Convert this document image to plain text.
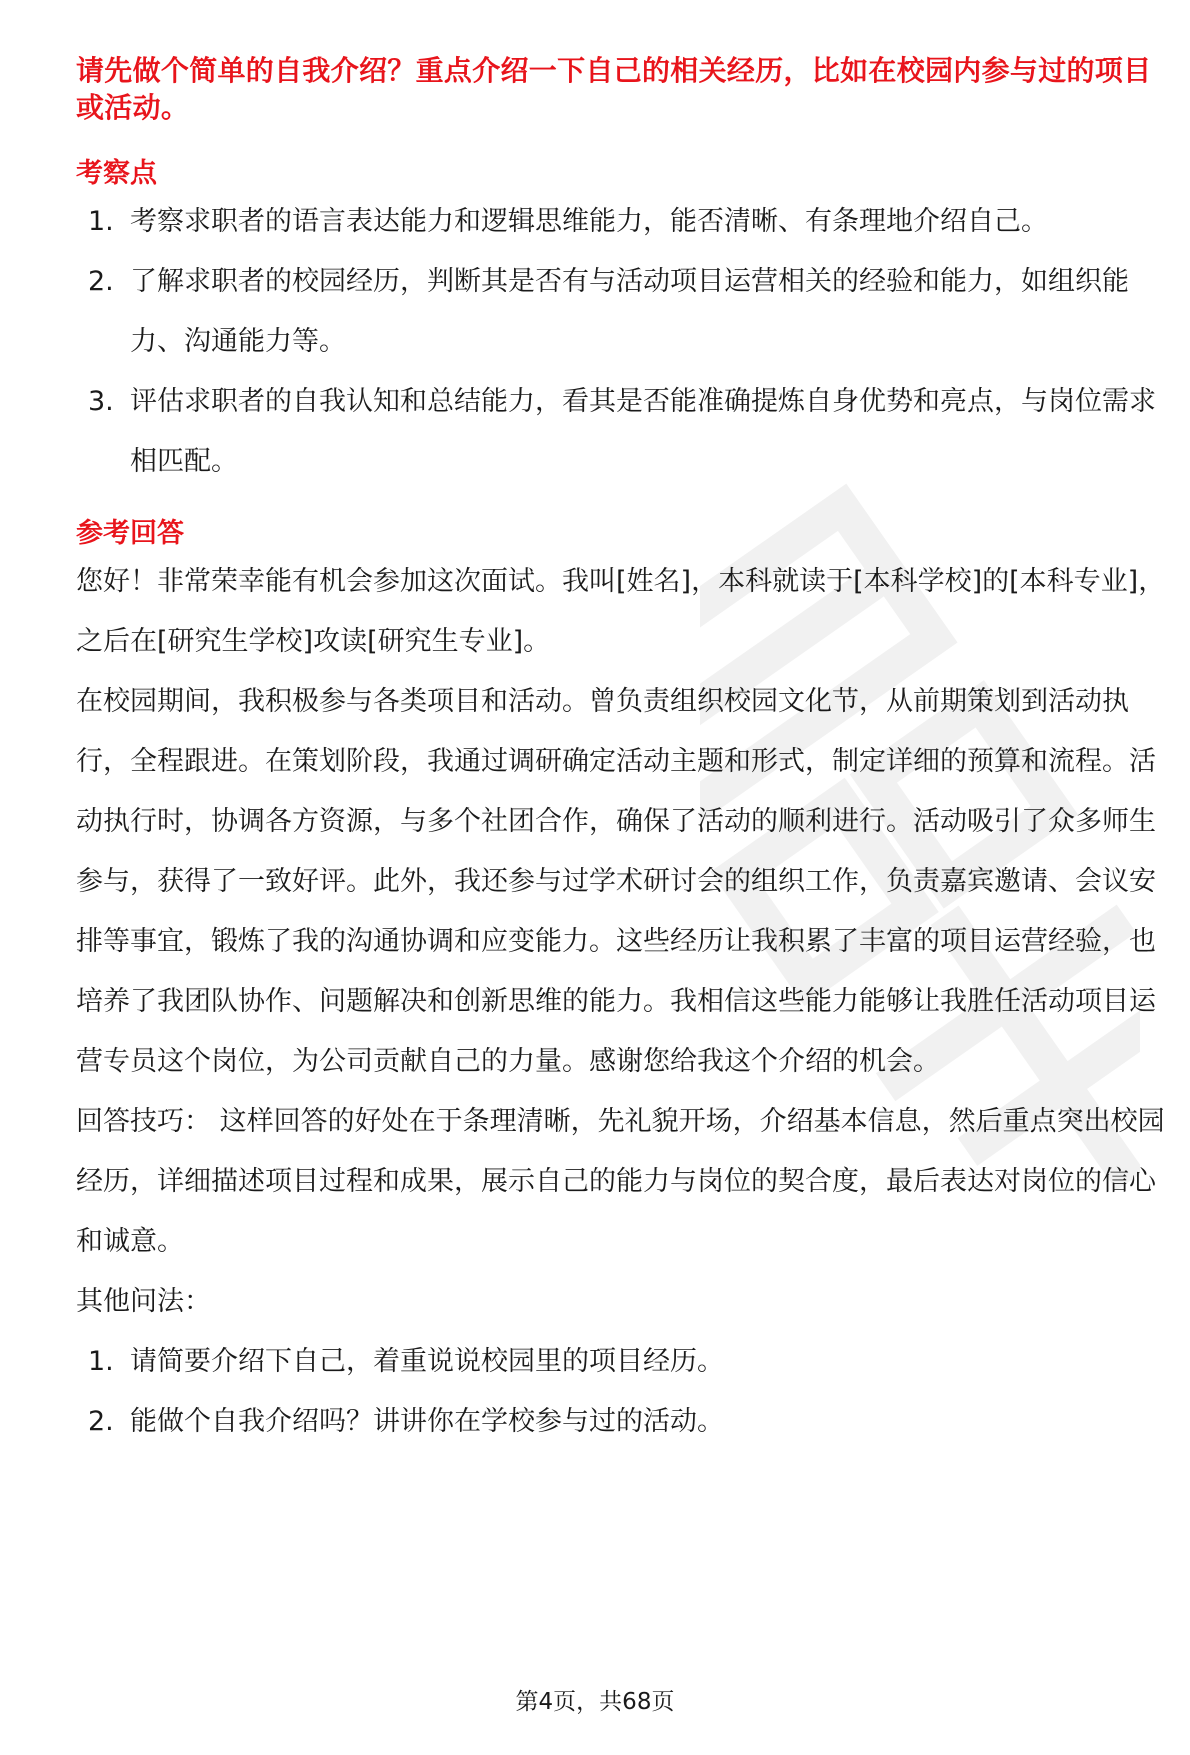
请先做个简单的自我介绍？重点介绍一下自己的相关经历，比如在校园内参与过的项目或活动。
考察点
1. 考察求职者的语言表达能力和逻辑思维能力，能否清晰、有条理地介绍自己。
2. 了解求职者的校园经历，判断其是否有与活动项目运营相关的经验和能力，如组织能力、沟通能力等。
3. 评估求职者的自我认知和总结能力，看其是否能准确提炼自身优势和亮点，与岗位需求相匹配。
参考回答

您好！非常荣幸能有机会参加这次面试。我叫[姓名]，本科就读于[本科学校]的[本科专业]，之后在[研究生学校]攻读[研究生专业]。

在校园期间，我积极参与各类项目和活动。曾负责组织校园文化节，从前期策划到活动执行，全程跟进。在策划阶段，我通过调研确定活动主题和形式，制定详细的预算和流程。活动执行时，协调各方资源，与多个社团合作，确保了活动的顺利进行。活动吸引了众多师生参与，获得了一致好评。此外，我还参与过学术研讨会的组织工作，负责嘉宾邀请、会议安排等事宜，锻炼了我的沟通协调和应变能力。这些经历让我积累了丰富的项目运营经验，也培养了我团队协作、问题解决和创新思维的能力。我相信这些能力能够让我胜任活动项目运营专员这个岗位，为公司贡献自己的力量。感谢您给我这个介绍的机会。

回答技巧： 这样回答的好处在于条理清晰，先礼貌开场，介绍基本信息，然后重点突出校园经历，详细描述项目过程和成果，展示自己的能力与岗位的契合度，最后表达对岗位的信心和诚意。

其他问法：

1. 请简要介绍下自己，着重说说校园里的项目经历。
2. 能做个自我介绍吗？讲讲你在学校参与过的活动。
第4页，共68页
